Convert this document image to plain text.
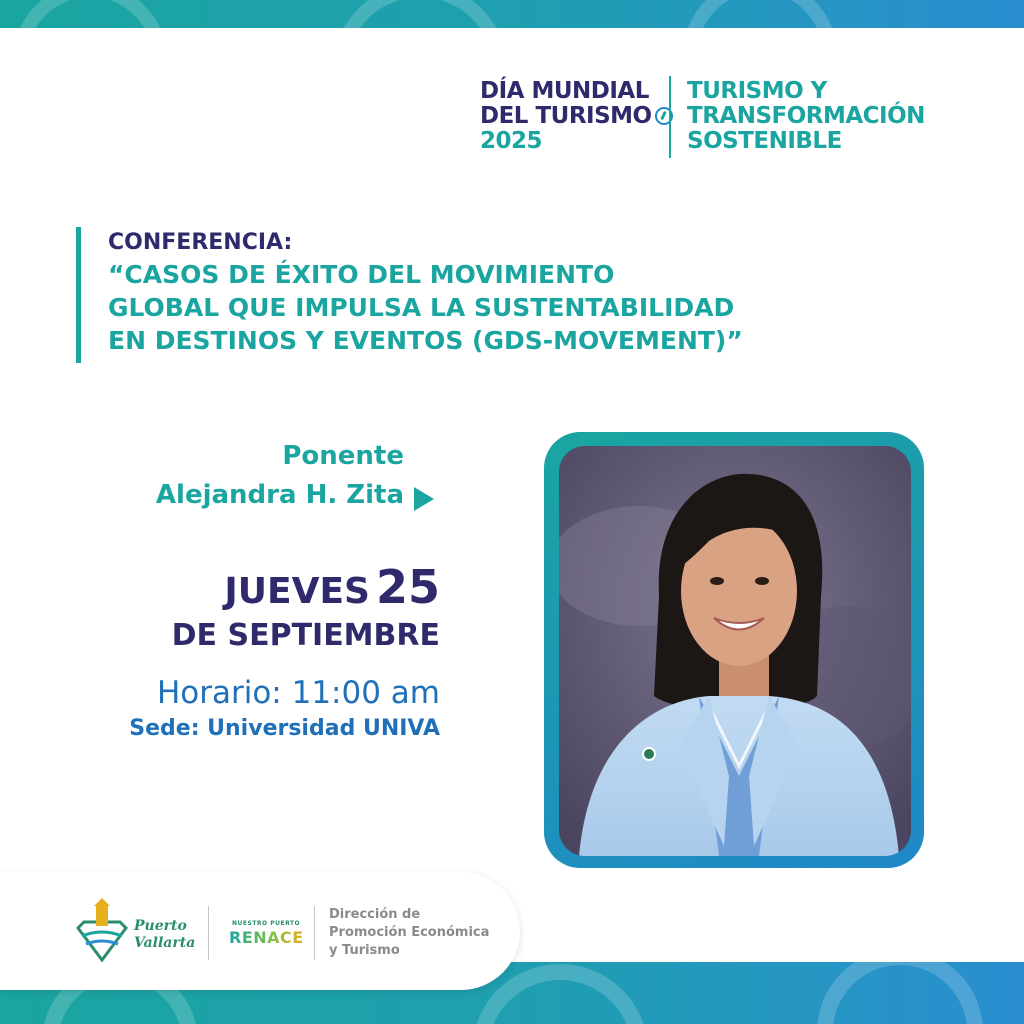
DÍA MUNDIAL
DEL TURISMO
2025
TURISMO Y
TRANSFORMACIÓN
SOSTENIBLE
CONFERENCIA:
“CASOS DE ÉXITO DEL MOVIMIENTO
GLOBAL QUE IMPULSA LA SUSTENTABILIDAD
EN DESTINOS Y EVENTOS (GDS-MOVEMENT)”
Ponente
Alejandra H. Zita
JUEVES 25
DE SEPTIEMBRE
Horario: 11:00 am
Sede: Universidad UNIVA
Puerto
Vallarta
NUESTRO PUERTO
RENACE
Dirección de
Promoción Económica
y Turismo
